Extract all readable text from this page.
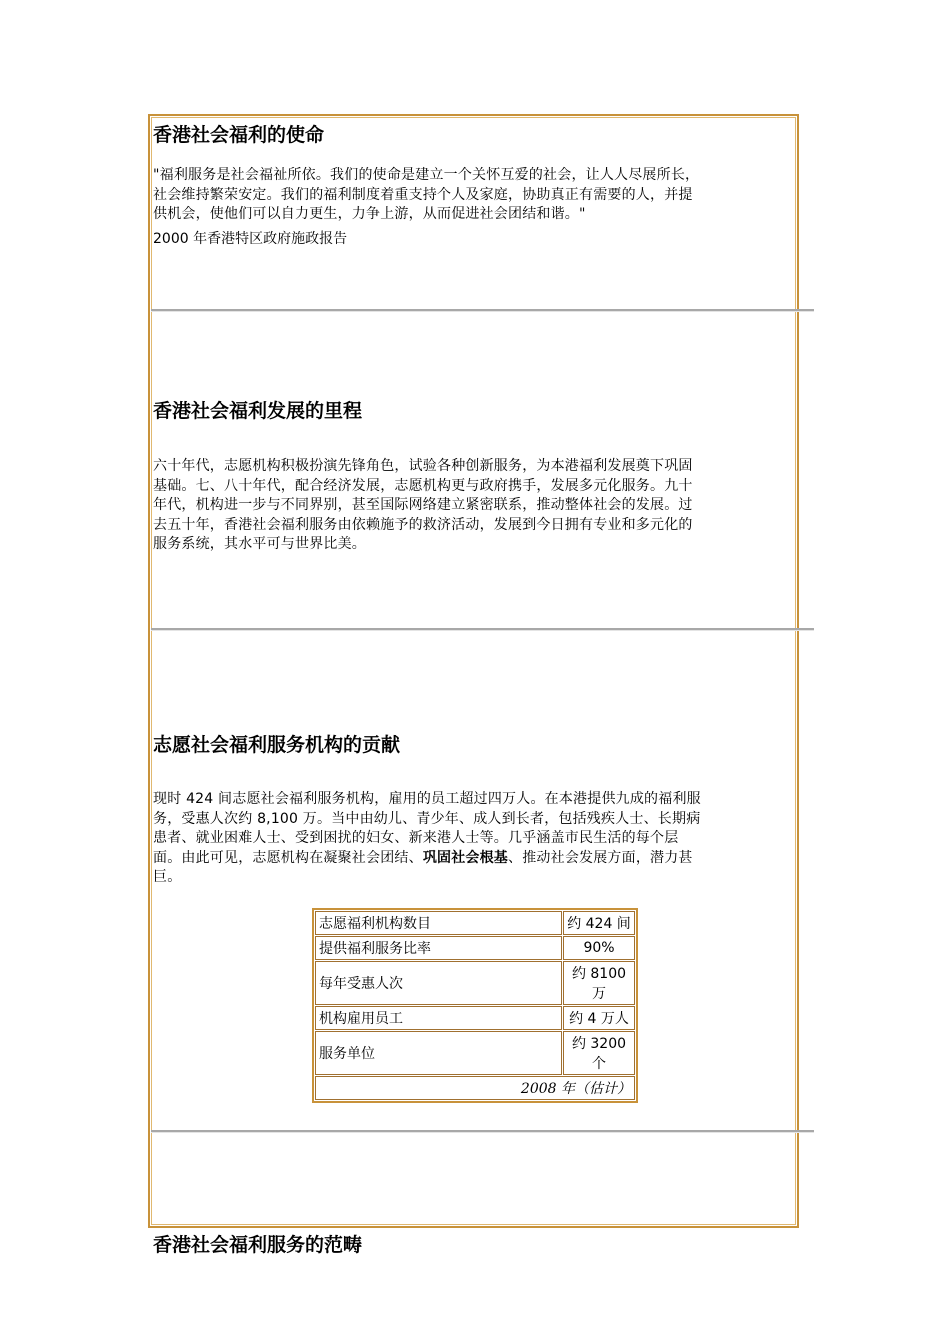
香港社会福利的使命
"福利服务是社会福祉所依。我们的使命是建立一个关怀互爱的社会，让人人尽展所长，
社会维持繁荣安定。我们的福利制度着重支持个人及家庭，协助真正有需要的人，并提
供机会，使他们可以自力更生，力争上游，从而促进社会团结和谐。"

2000 年香港特区政府施政报告

香港社会福利发展的里程
六十年代，志愿机构积极扮演先锋角色，试验各种创新服务，为本港福利发展奠下巩固
基础。七、八十年代，配合经济发展，志愿机构更与政府携手，发展多元化服务。九十
年代，机构进一步与不同界别，甚至国际网络建立紧密联系，推动整体社会的发展。过
去五十年，香港社会福利服务由依赖施予的救济活动，发展到今日拥有专业和多元化的
服务系统，其水平可与世界比美。
志愿社会福利服务机构的贡献
现时 424 间志愿社会福利服务机构，雇用的员工超过四万人。在本港提供九成的福利服
务，受惠人次约 8,100 万。当中由幼儿、青少年、成人到长者，包括残疾人士、长期病
患者、就业困难人士、受到困扰的妇女、新来港人士等。几乎涵盖市民生活的每个层
面。由此可见，志愿机构在凝聚社会团结、巩固社会根基、推动社会发展方面，潜力甚
巨。
志愿福利机构数目	约 424 间
提供福利服务比率	90%
每年受惠人次	约 8100
万
机构雇用员工	约 4 万人
服务单位	约 3200
个
2008 年（估计）	
香港社会福利服务的范畴
